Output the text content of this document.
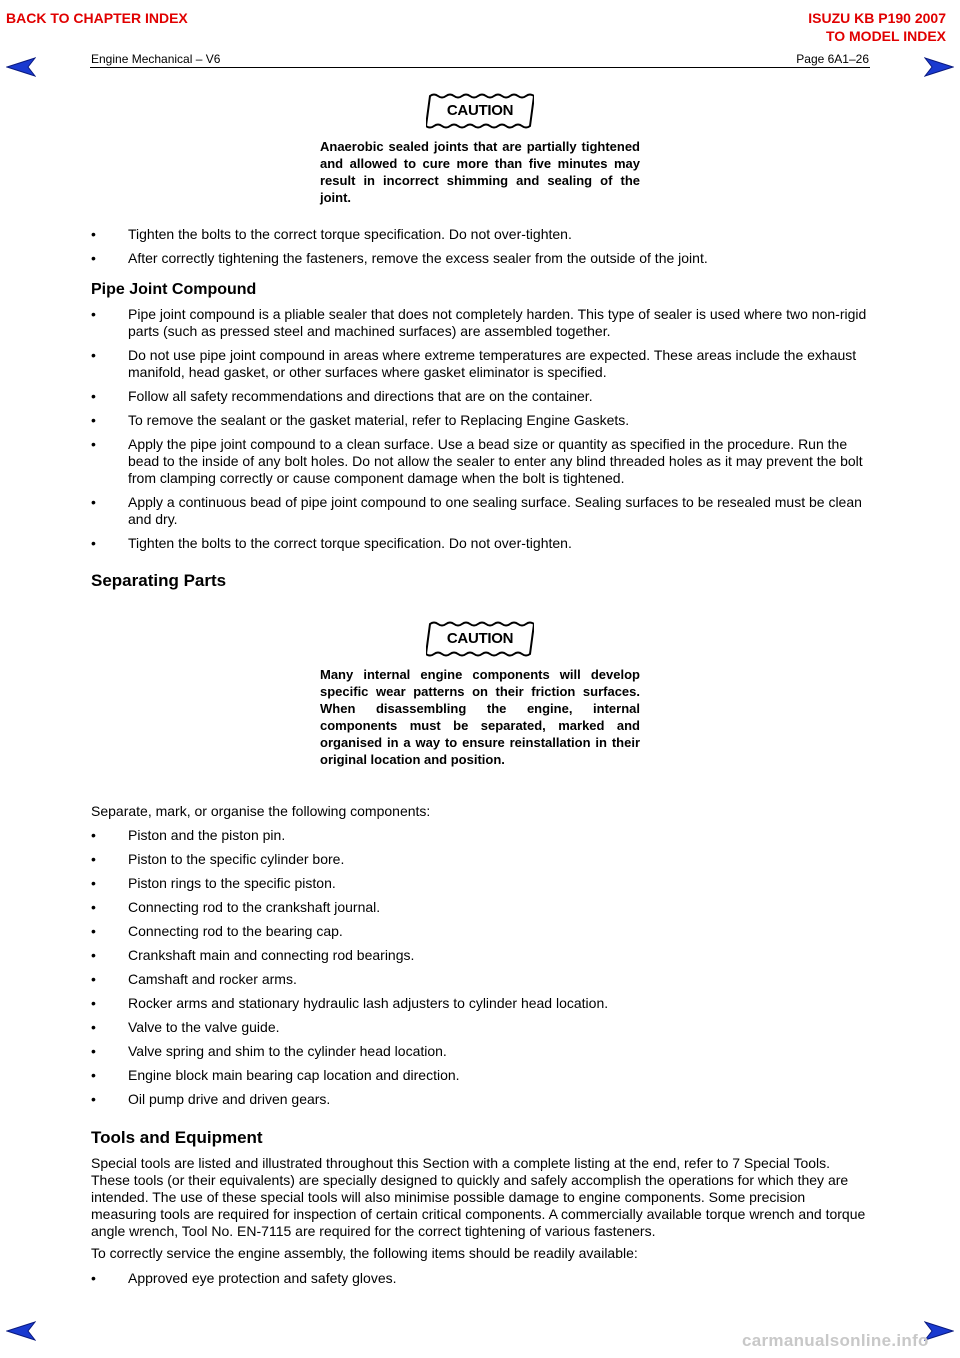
BACK TO CHAPTER INDEX	ISUZU KB P190 2007
TO MODEL INDEX
Engine Mechanical – V6	Page 6A1–26
CAUTION

Anaerobic sealed joints that are partially tightened and allowed to cure more than five minutes may result in incorrect shimming and sealing of the joint.

• Tighten the bolts to the correct torque specification. Do not over-tighten.
• After correctly tightening the fasteners, remove the excess sealer from the outside of the joint.
Pipe Joint Compound
• Pipe joint compound is a pliable sealer that does not completely harden. This type of sealer is used where two non-rigid parts (such as pressed steel and machined surfaces) are assembled together.
• Do not use pipe joint compound in areas where extreme temperatures are expected. These areas include the exhaust manifold, head gasket, or other surfaces where gasket eliminator is specified.
• Follow all safety recommendations and directions that are on the container.
• To remove the sealant or the gasket material, refer to Replacing Engine Gaskets.
• Apply the pipe joint compound to a clean surface. Use a bead size or quantity as specified in the procedure. Run the bead to the inside of any bolt holes. Do not allow the sealer to enter any blind threaded holes as it may prevent the bolt from clamping correctly or cause component damage when the bolt is tightened.
• Apply a continuous bead of pipe joint compound to one sealing surface. Sealing surfaces to be resealed must be clean and dry.
• Tighten the bolts to the correct torque specification. Do not over-tighten.
Separating Parts
CAUTION

Many internal engine components will develop specific wear patterns on their friction surfaces. When disassembling the engine, internal components must be separated, marked and organised in a way to ensure reinstallation in their original location and position.

Separate, mark, or organise the following components:

• Piston and the piston pin.
• Piston to the specific cylinder bore.
• Piston rings to the specific piston.
• Connecting rod to the crankshaft journal.
• Connecting rod to the bearing cap.
• Crankshaft main and connecting rod bearings.
• Camshaft and rocker arms.
• Rocker arms and stationary hydraulic lash adjusters to cylinder head location.
• Valve to the valve guide.
• Valve spring and shim to the cylinder head location.
• Engine block main bearing cap location and direction.
• Oil pump drive and driven gears.
Tools and Equipment

Special tools are listed and illustrated throughout this Section with a complete listing at the end, refer to 7 Special Tools. These tools (or their equivalents) are specially designed to quickly and safely accomplish the operations for which they are intended. The use of these special tools will also minimise possible damage to engine components. Some precision measuring tools are required for inspection of certain critical components. A commercially available torque wrench and torque angle wrench, Tool No. EN-7115 are required for the correct tightening of various fasteners.

To correctly service the engine assembly, the following items should be readily available:

• Approved eye protection and safety gloves.
carmanualsonline.info
